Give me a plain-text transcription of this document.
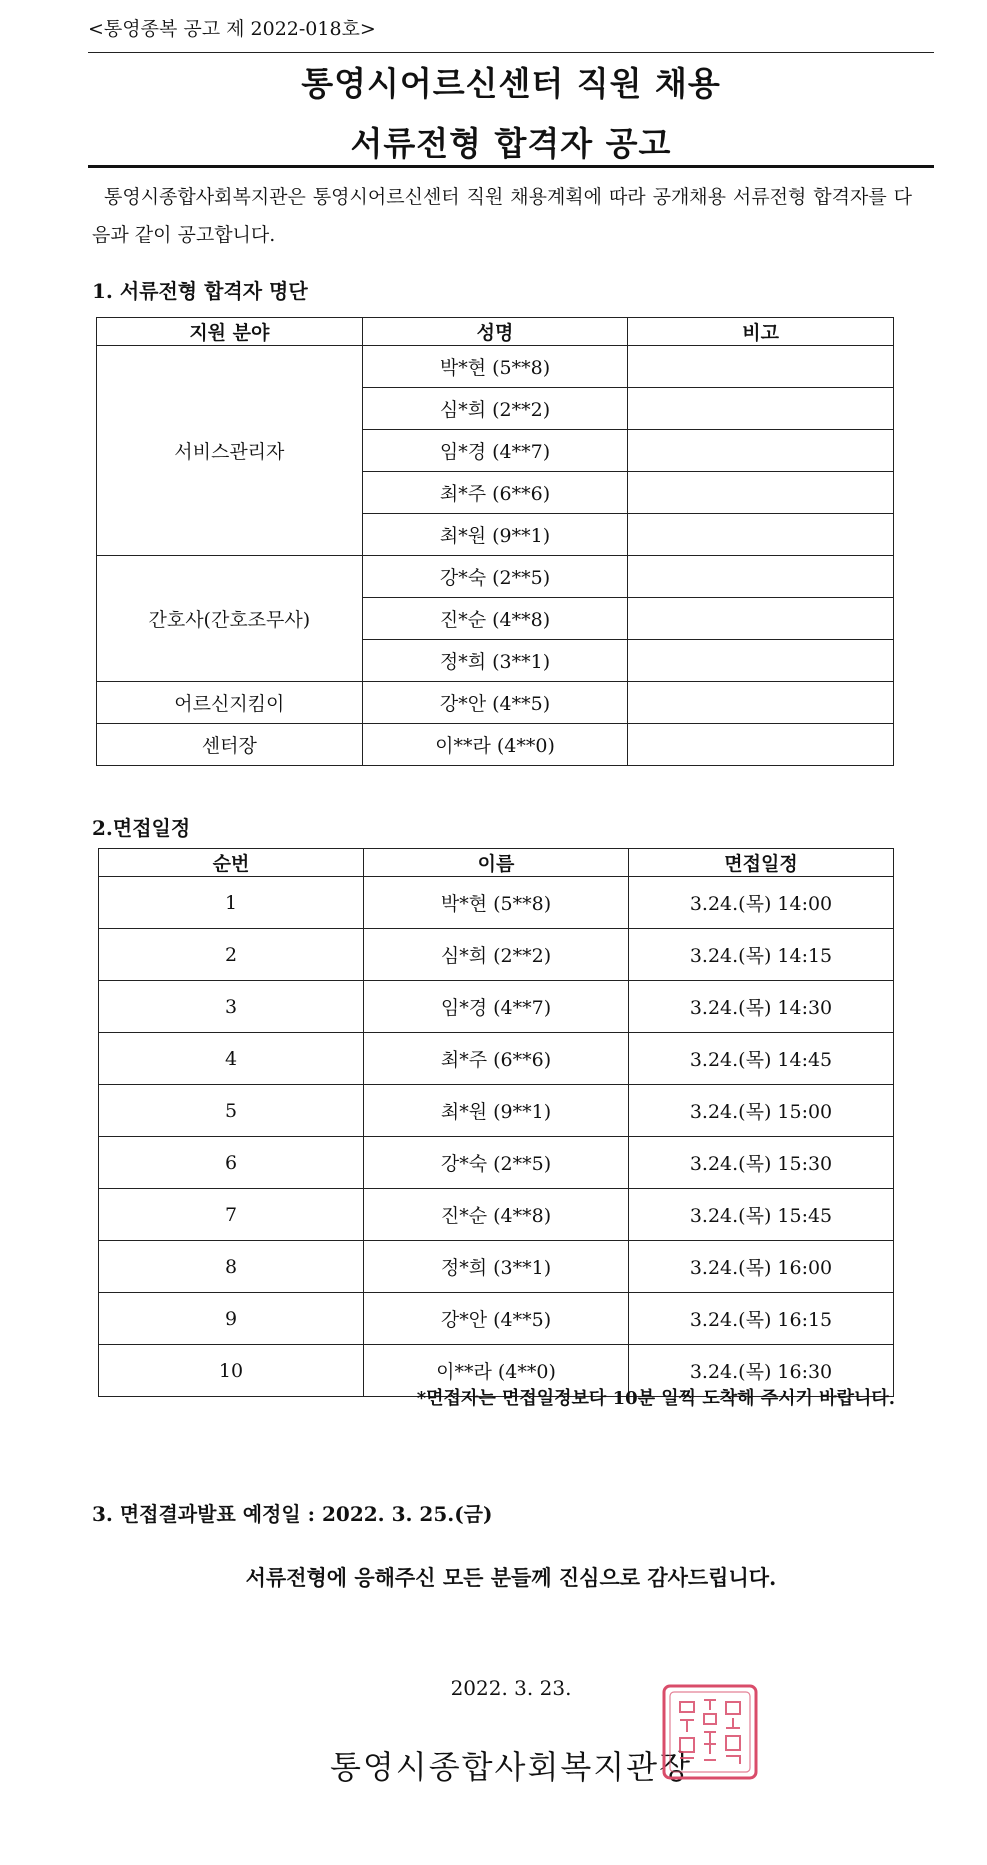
<통영종복 공고 제 2022-018호>
통영시어르신센터 직원 채용
서류전형 합격자 공고
통영시종합사회복지관은 통영시어르신센터 직원 채용계획에 따라 공개채용 서류전형 합격자를 다음과 같이 공고합니다.
1. 서류전형 합격자 명단
지원 분야	성명	비고
서비스관리자	박*현 (5**8)	
	심*희 (2**2)	
	임*경 (4**7)	
	최*주 (6**6)	
	최*원 (9**1)	
간호사(간호조무사)	강*숙 (2**5)	
	진*순 (4**8)	
	정*희 (3**1)	
어르신지킴이	강*안 (4**5)	
센터장	이**라 (4**0)	
2.면접일정
순번	이름	면접일정
1	박*현 (5**8)	3.24.(목) 14:00
2	심*희 (2**2)	3.24.(목) 14:15
3	임*경 (4**7)	3.24.(목) 14:30
4	최*주 (6**6)	3.24.(목) 14:45
5	최*원 (9**1)	3.24.(목) 15:00
6	강*숙 (2**5)	3.24.(목) 15:30
7	진*순 (4**8)	3.24.(목) 15:45
8	정*희 (3**1)	3.24.(목) 16:00
9	강*안 (4**5)	3.24.(목) 16:15
10	이**라 (4**0)	3.24.(목) 16:30
*면접자는 면접일정보다 10분 일찍 도착해 주시기 바랍니다.
3. 면접결과발표 예정일 : 2022. 3. 25.(금)
서류전형에 응해주신 모든 분들께 진심으로 감사드립니다.
2022. 3. 23.
통영시종합사회복지관장
